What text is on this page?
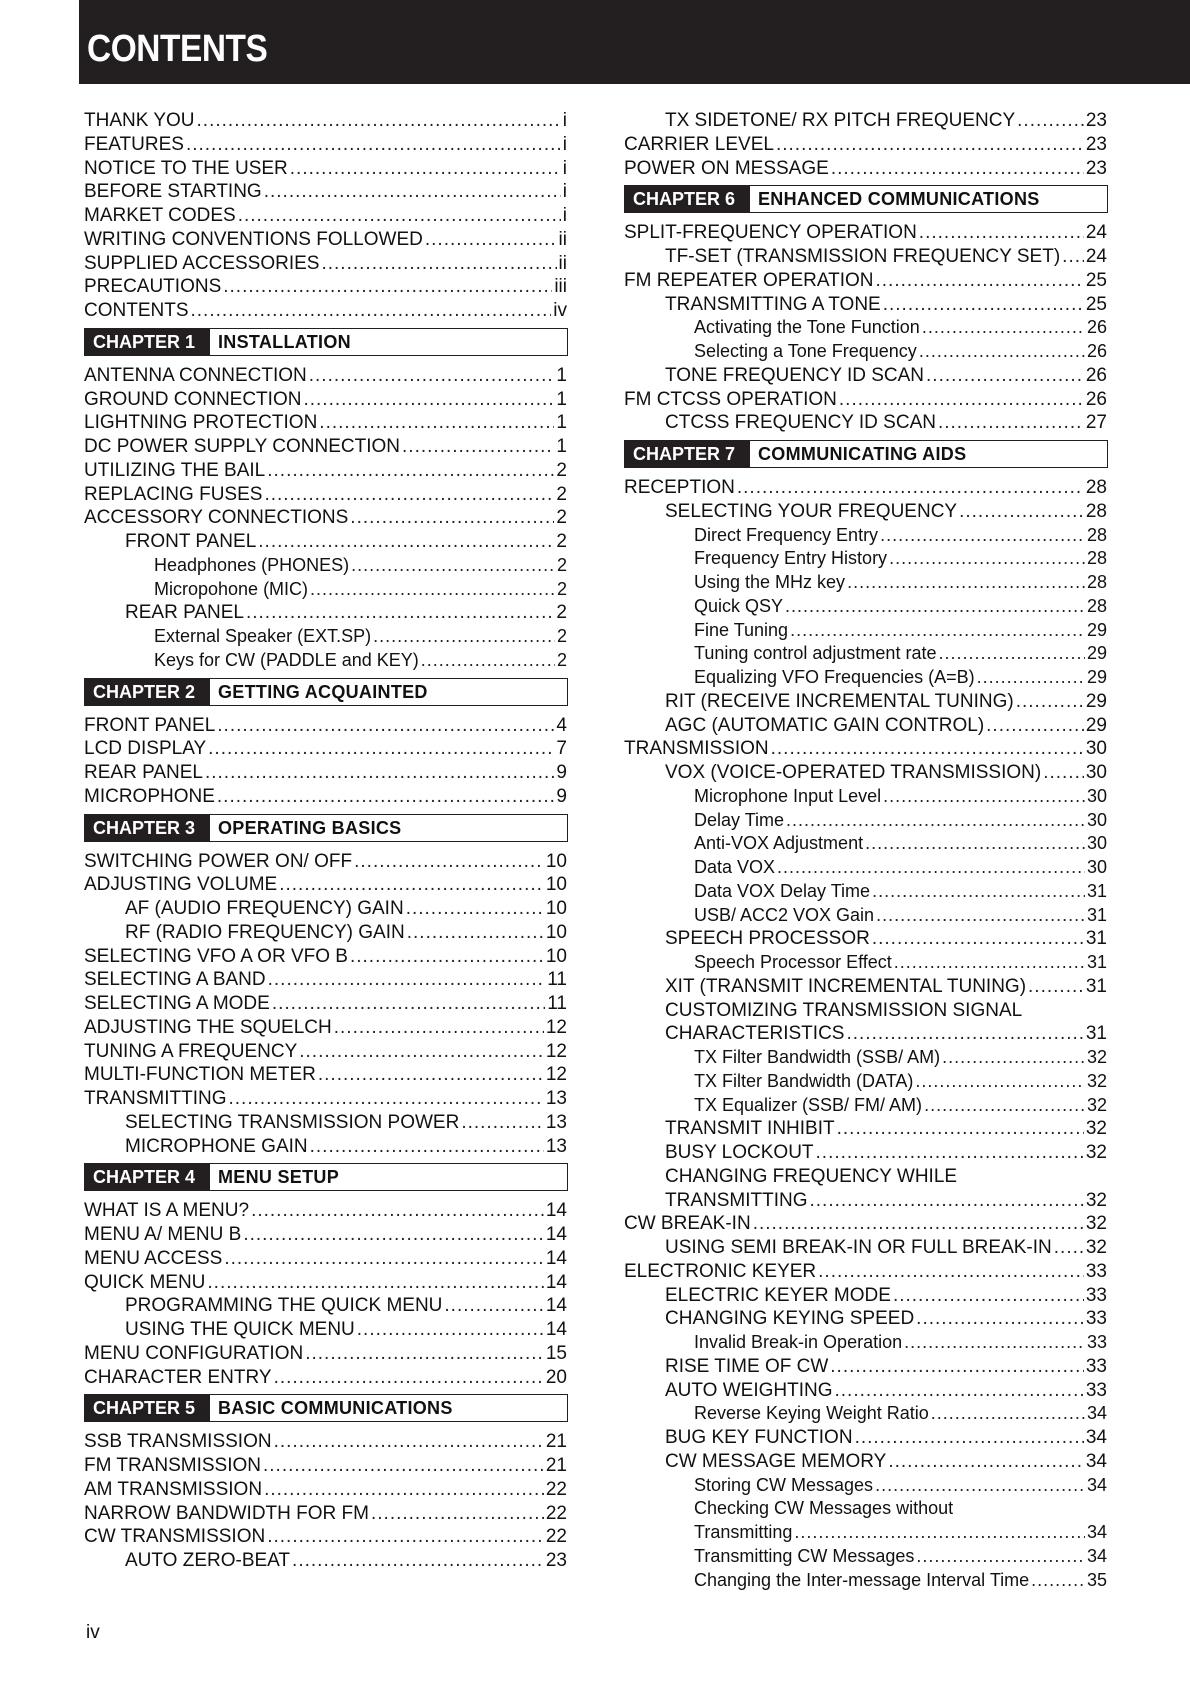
CONTENTS
THANK YOU .....	i
FEATURES .....	i
NOTICE TO THE USER .....	i
BEFORE STARTING .....	i
MARKET CODES .....	i
WRITING CONVENTIONS FOLLOWED .....	ii
SUPPLIED ACCESSORIES .....	ii
PRECAUTIONS .....	iii
CONTENTS .....	iv
CHAPTER 1	INSTALLATION
ANTENNA CONNECTION .....	1
GROUND CONNECTION .....	1
LIGHTNING PROTECTION .....	1
DC POWER SUPPLY CONNECTION .....	1
UTILIZING THE BAIL .....	2
REPLACING FUSES .....	2
ACCESSORY CONNECTIONS .....	2
FRONT PANEL .....	2
Headphones (PHONES) .....	2
Micropohone (MIC) .....	2
REAR PANEL .....	2
External Speaker (EXT.SP) .....	2
Keys for CW (PADDLE and KEY) .....	2
CHAPTER 2	GETTING ACQUAINTED
FRONT PANEL .....	4
LCD DISPLAY .....	7
REAR PANEL .....	9
MICROPHONE .....	9
CHAPTER 3	OPERATING BASICS
SWITCHING POWER ON/ OFF .....	10
ADJUSTING VOLUME .....	10
AF (AUDIO FREQUENCY) GAIN .....	10
RF (RADIO FREQUENCY) GAIN .....	10
SELECTING VFO A OR VFO B .....	10
SELECTING A BAND .....	11
SELECTING A MODE .....	11
ADJUSTING THE SQUELCH .....	12
TUNING A FREQUENCY .....	12
MULTI-FUNCTION METER .....	12
TRANSMITTING .....	13
SELECTING TRANSMISSION POWER .....	13
MICROPHONE GAIN .....	13
CHAPTER 4	MENU SETUP
WHAT IS A MENU? .....	14
MENU A/ MENU B .....	14
MENU ACCESS .....	14
QUICK MENU .....	14
PROGRAMMING THE QUICK MENU .....	14
USING THE QUICK MENU .....	14
MENU CONFIGURATION .....	15
CHARACTER ENTRY .....	20
CHAPTER 5	BASIC COMMUNICATIONS
SSB TRANSMISSION .....	21
FM TRANSMISSION .....	21
AM TRANSMISSION .....	22
NARROW BANDWIDTH FOR FM .....	22
CW TRANSMISSION .....	22
AUTO ZERO-BEAT .....	23
TX SIDETONE/ RX PITCH FREQUENCY .....	23
CARRIER LEVEL .....	23
POWER ON MESSAGE .....	23
CHAPTER 6	ENHANCED COMMUNICATIONS
SPLIT-FREQUENCY OPERATION .....	24
TF-SET (TRANSMISSION FREQUENCY SET) ..... 24
FM REPEATER OPERATION .....	25
TRANSMITTING A TONE .....	25
Activating the Tone Function .....	26
Selecting a Tone Frequency .....	26
TONE FREQUENCY ID SCAN .....	26
FM CTCSS OPERATION .....	26
CTCSS FREQUENCY ID SCAN .....	27
CHAPTER 7	COMMUNICATING AIDS
RECEPTION .....	28
SELECTING YOUR FREQUENCY .....	28
Direct Frequency Entry .....	28
Frequency Entry History .....	28
Using the MHz key .....	28
Quick QSY .....	28
Fine Tuning .....	29
Tuning control adjustment rate .....	29
Equalizing VFO Frequencies (A=B) .....	29
RIT (RECEIVE INCREMENTAL TUNING) .....	29
AGC (AUTOMATIC GAIN CONTROL) .....	29
TRANSMISSION .....	30
VOX (VOICE-OPERATED TRANSMISSION) ..... 30
Microphone Input Level .....	30
Delay Time .....	30
Anti-VOX Adjustment .....	30
Data VOX .....	30
Data VOX Delay Time .....	31
USB/ ACC2 VOX Gain .....	31
SPEECH PROCESSOR .....	31
Speech Processor Effect .....	31
XIT (TRANSMIT INCREMENTAL TUNING) .....	31
CUSTOMIZING TRANSMISSION SIGNAL
CHARACTERISTICS .....	31
TX Filter Bandwidth (SSB/ AM) .....	32
TX Filter Bandwidth (DATA) .....	32
TX Equalizer (SSB/ FM/ AM) .....	32
TRANSMIT INHIBIT .....	32
BUSY LOCKOUT .....	32
CHANGING FREQUENCY WHILE
TRANSMITTING .....	32
CW BREAK-IN .....	32
USING SEMI BREAK-IN OR FULL BREAK-IN ..... 32
ELECTRONIC KEYER .....	33
ELECTRIC KEYER MODE .....	33
CHANGING KEYING SPEED .....	33
Invalid Break-in Operation .....	33
RISE TIME OF CW .....	33
AUTO WEIGHTING .....	33
Reverse Keying Weight Ratio .....	34
BUG KEY FUNCTION .....	34
CW MESSAGE MEMORY .....	34
Storing CW Messages .....	34
Checking CW Messages without
Transmitting .....	34
Transmitting CW Messages .....	34
Changing the Inter-message Interval Time .....	35
iv
